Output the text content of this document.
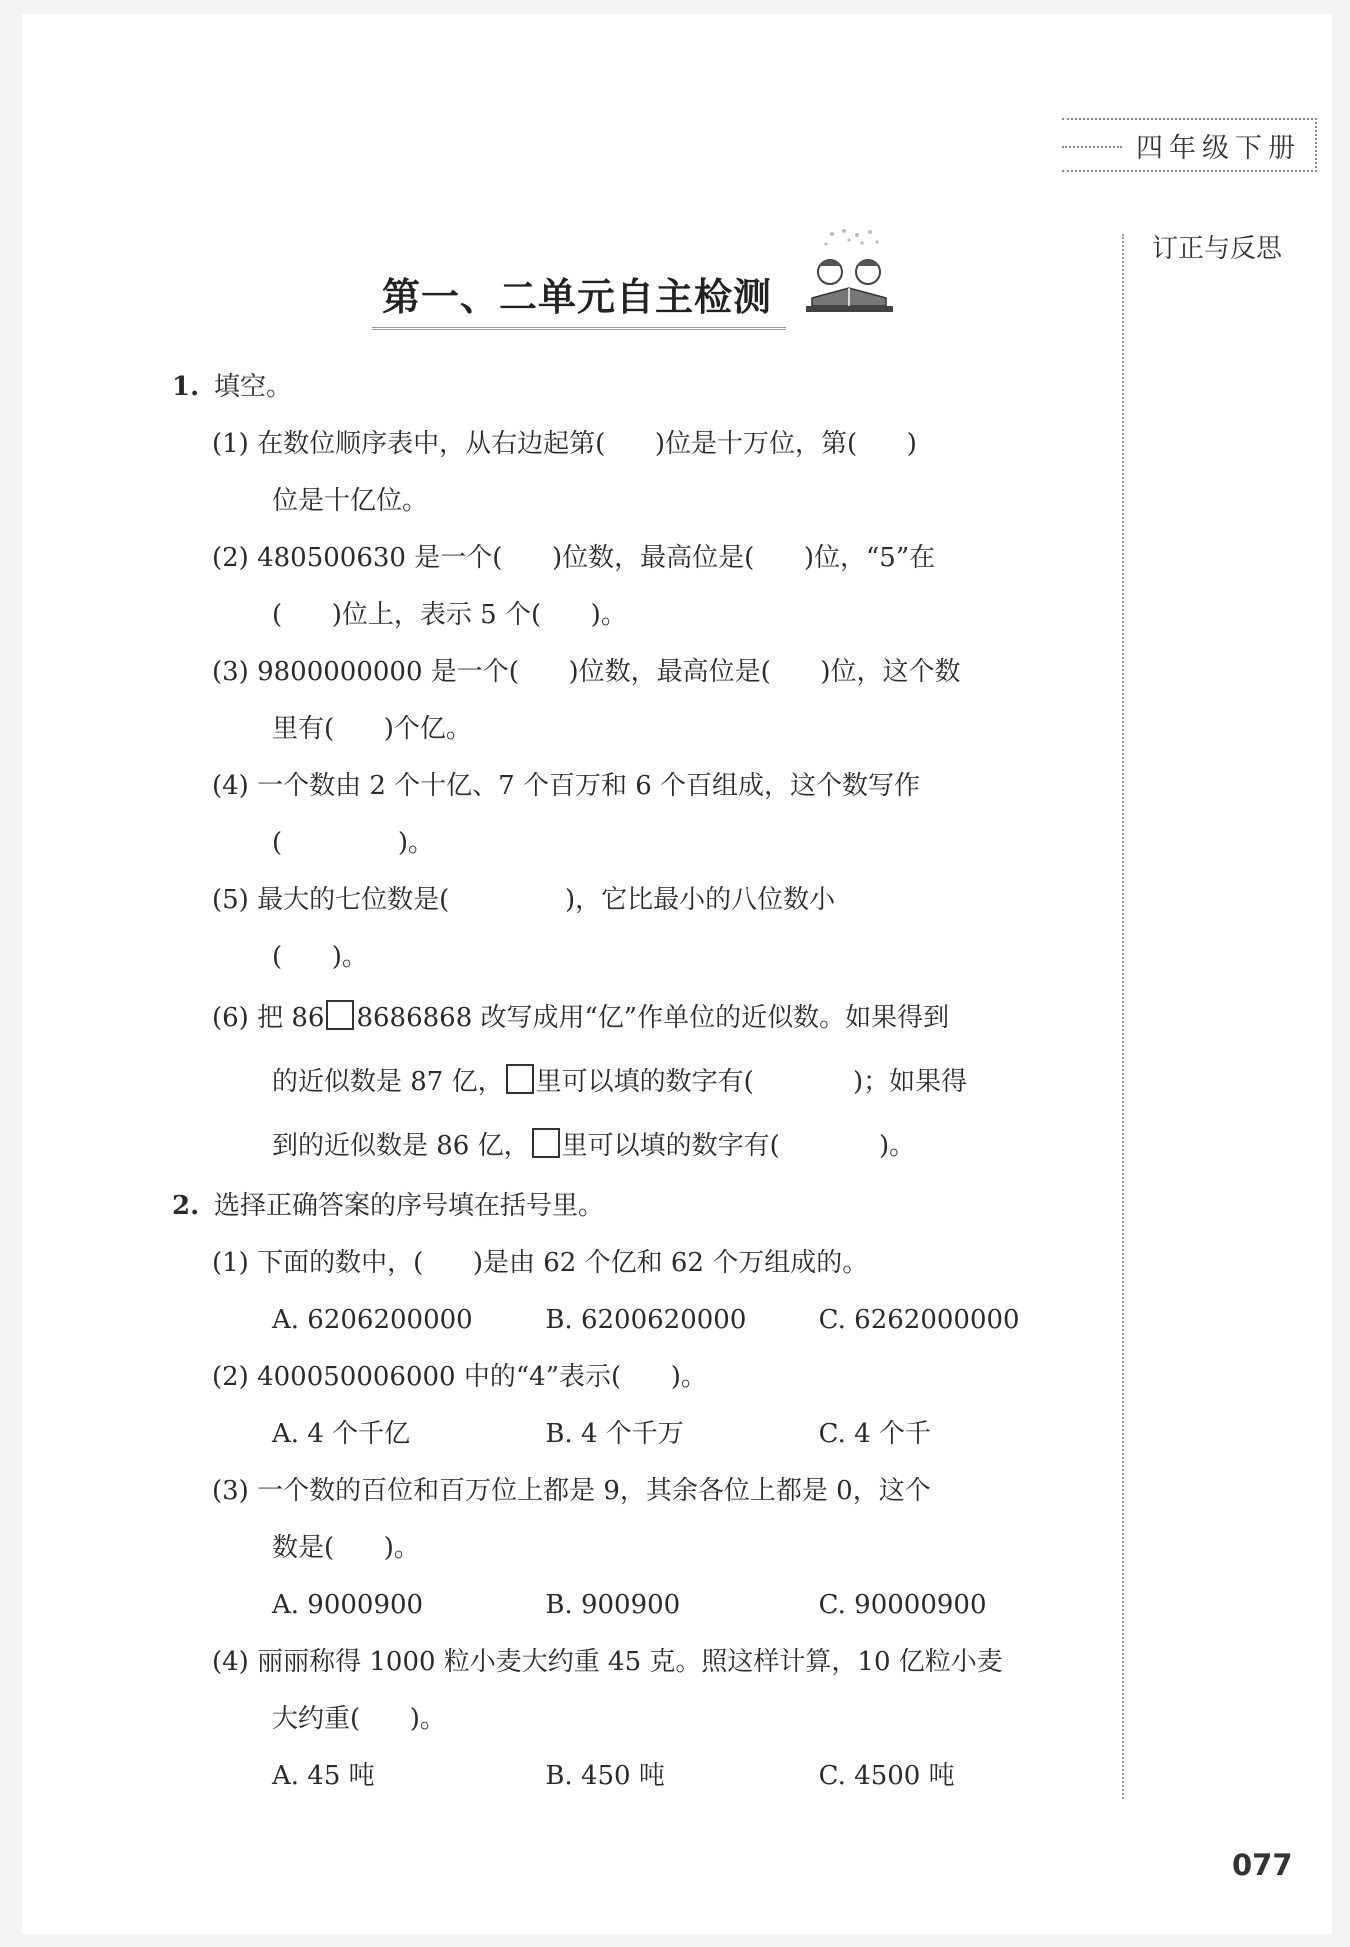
四年级下册
订正与反思
第一、二单元自主检测

1. 填空。

(1) 在数位顺序表中，从右边起第(      )位是十万位，第(      )

位是十亿位。

(2) 480500630 是一个(      )位数，最高位是(      )位，“5”在

(      )位上，表示 5 个(      )。

(3) 9800000000 是一个(      )位数，最高位是(      )位，这个数

里有(      )个亿。

(4) 一个数由 2 个十亿、7 个百万和 6 个百组成，这个数写作

(              )。

(5) 最大的七位数是(              )，它比最小的八位数小

(      )。

(6) 把 86 8686868 改写成用“亿”作单位的近似数。如果得到

的近似数是 87 亿， 里可以填的数字有(            )；如果得

到的近似数是 86 亿， 里可以填的数字有(            )。

2. 选择正确答案的序号填在括号里。

(1) 下面的数中，(      )是由 62 个亿和 62 个万组成的。

A. 6206200000	B. 6200620000	C. 6262000000

(2) 400050006000 中的“4”表示(      )。

A. 4 个千亿	B. 4 个千万	C. 4 个千

(3) 一个数的百位和百万位上都是 9，其余各位上都是 0，这个

数是(      )。

A. 9000900	B. 900900	C. 90000900

(4) 丽丽称得 1000 粒小麦大约重 45 克。照这样计算，10 亿粒小麦

大约重(      )。

A. 45 吨	B. 450 吨	C. 4500 吨
077
